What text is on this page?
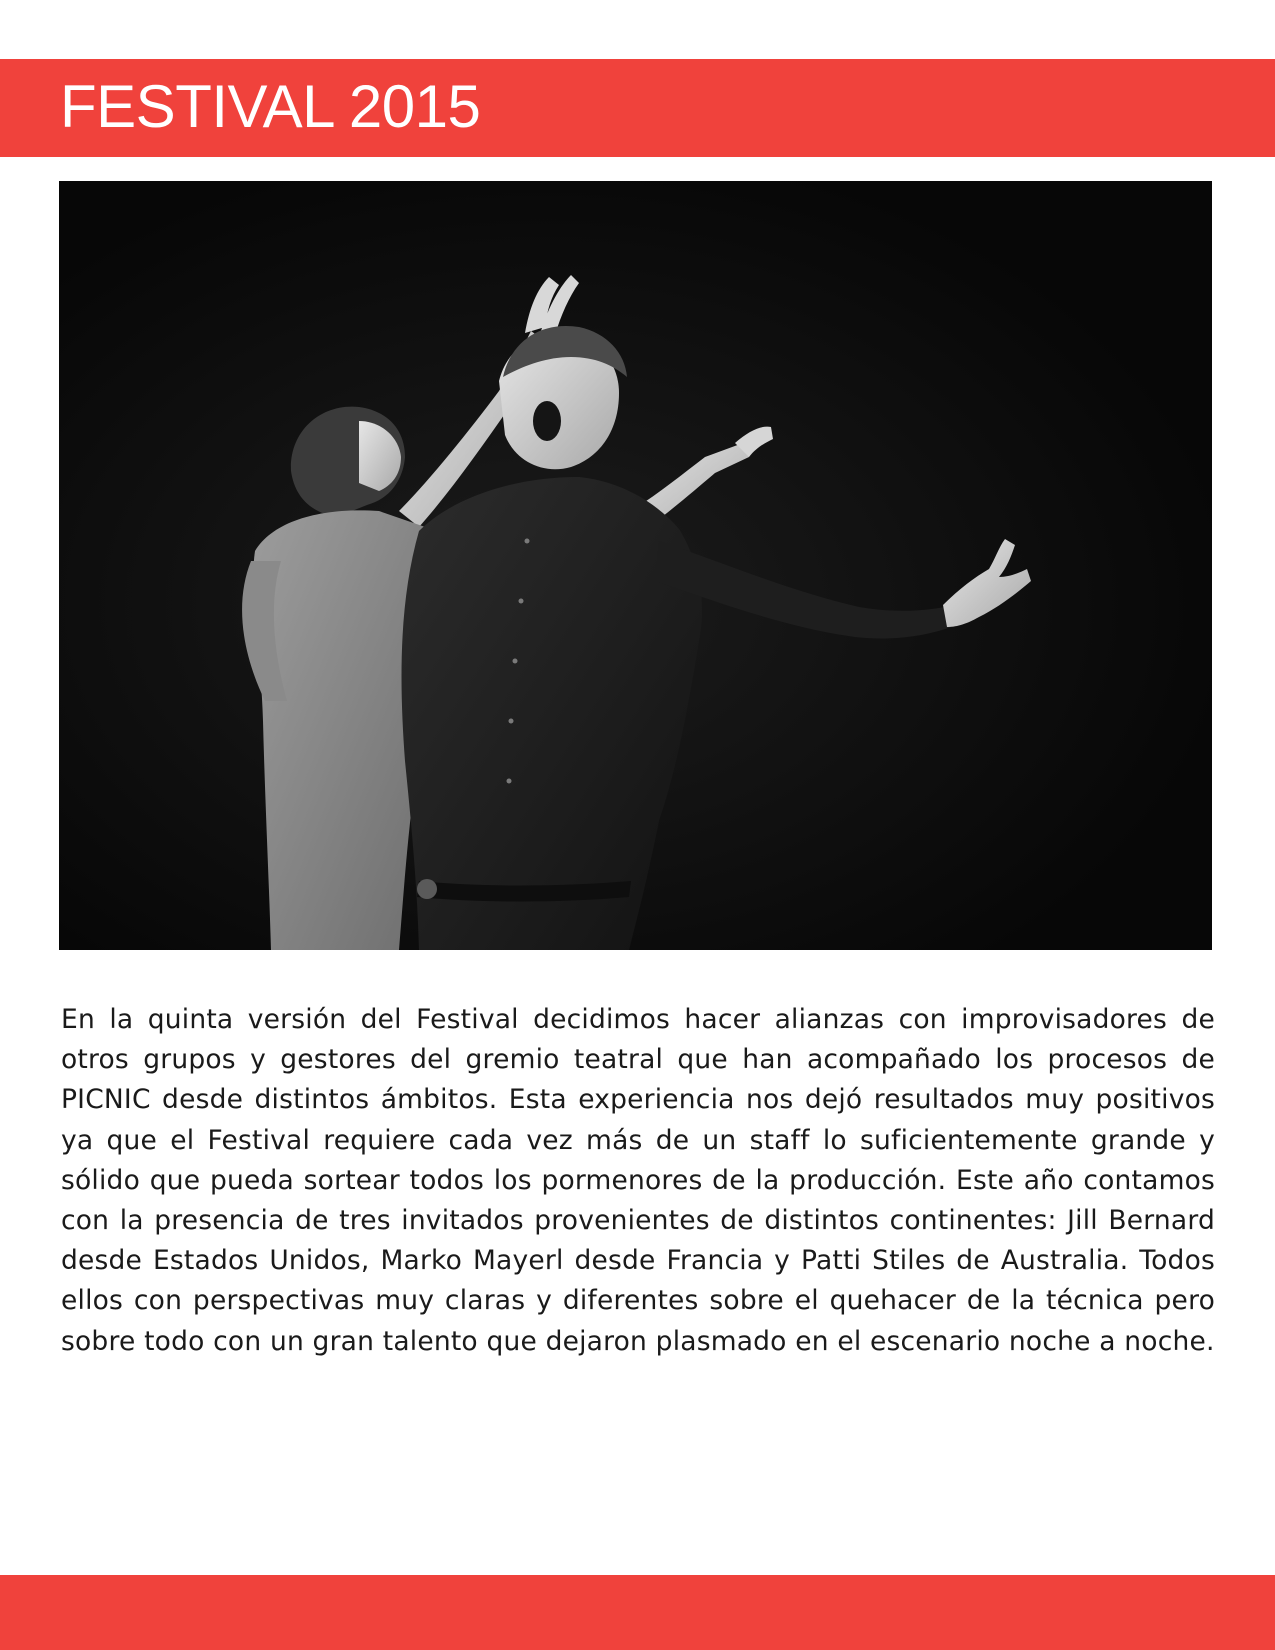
FESTIVAL 2015

En la quinta versión del Festival decidimos hacer alianzas con improvisadores de otros grupos y gestores del gremio teatral que han acompañado los procesos de PICNIC desde distintos ámbitos. Esta experiencia nos dejó resultados muy positivos ya que el Festival requiere cada vez más de un staff lo suficientemente grande y sólido que pueda sortear todos los pormenores de la producción. Este año contamos con la presencia de tres invitados provenientes de distintos continentes: Jill Bernard desde Estados Unidos, Marko Mayerl desde Francia y Patti Stiles de Australia. Todos ellos con perspectivas muy claras y diferentes sobre el quehacer de la técnica pero sobre todo con un gran talento que dejaron plasmado en el escenario noche a noche.
